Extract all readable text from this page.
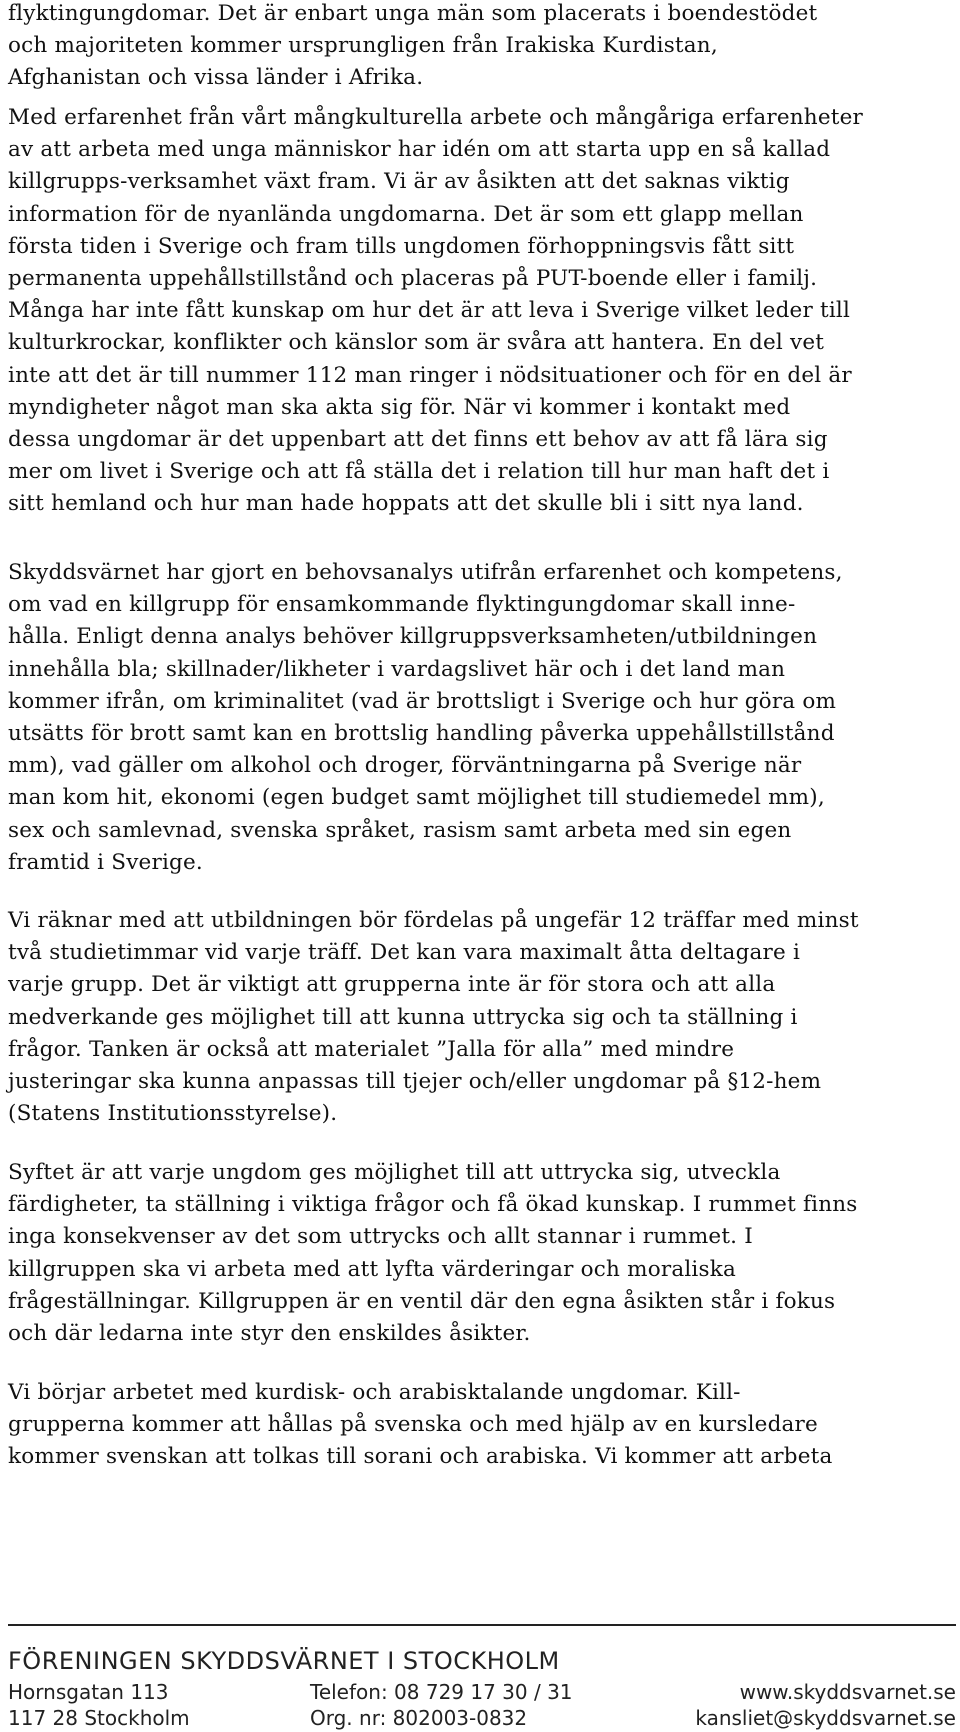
flyktingungdomar. Det är enbart unga män som placerats i boendestödet
och majoriteten kommer ursprungligen från Irakiska Kurdistan,
Afghanistan och vissa länder i Afrika.

Med erfarenhet från vårt mångkulturella arbete och mångåriga erfarenheter
av att arbeta med unga människor har idén om att starta upp en så kallad
killgrupps-verksamhet växt fram. Vi är av åsikten att det saknas viktig
information för de nyanlända ungdomarna. Det är som ett glapp mellan
första tiden i Sverige och fram tills ungdomen förhoppningsvis fått sitt
permanenta uppehållstillstånd och placeras på PUT-boende eller i familj.
Många har inte fått kunskap om hur det är att leva i Sverige vilket leder till
kulturkrockar, konflikter och känslor som är svåra att hantera. En del vet
inte att det är till nummer 112 man ringer i nödsituationer och för en del är
myndigheter något man ska akta sig för. När vi kommer i kontakt med
dessa ungdomar är det uppenbart att det finns ett behov av att få lära sig
mer om livet i Sverige och att få ställa det i relation till hur man haft det i
sitt hemland och hur man hade hoppats att det skulle bli i sitt nya land.

Skyddsvärnet har gjort en behovsanalys utifrån erfarenhet och kompetens,
om vad en killgrupp för ensamkommande flyktingungdomar skall inne-
hålla. Enligt denna analys behöver killgruppsverksamheten/utbildningen
innehålla bla; skillnader/likheter i vardagslivet här och i det land man
kommer ifrån, om kriminalitet (vad är brottsligt i Sverige och hur göra om
utsätts för brott samt kan en brottslig handling påverka uppehållstillstånd
mm), vad gäller om alkohol och droger, förväntningarna på Sverige när
man kom hit, ekonomi (egen budget samt möjlighet till studiemedel mm),
sex och samlevnad, svenska språket, rasism samt arbeta med sin egen
framtid i Sverige.

Vi räknar med att utbildningen bör fördelas på ungefär 12 träffar med minst
två studietimmar vid varje träff. Det kan vara maximalt åtta deltagare i
varje grupp. Det är viktigt att grupperna inte är för stora och att alla
medverkande ges möjlighet till att kunna uttrycka sig och ta ställning i
frågor. Tanken är också att materialet ”Jalla för alla” med mindre
justeringar ska kunna anpassas till tjejer och/eller ungdomar på §12-hem
(Statens Institutionsstyrelse).

Syftet är att varje ungdom ges möjlighet till att uttrycka sig, utveckla
färdigheter, ta ställning i viktiga frågor och få ökad kunskap. I rummet finns
inga konsekvenser av det som uttrycks och allt stannar i rummet. I
killgruppen ska vi arbeta med att lyfta värderingar och moraliska
frågeställningar. Killgruppen är en ventil där den egna åsikten står i fokus
och där ledarna inte styr den enskildes åsikter.

Vi börjar arbetet med kurdisk- och arabisktalande ungdomar. Kill-
grupperna kommer att hållas på svenska och med hjälp av en kursledare
kommer svenskan att tolkas till sorani och arabiska. Vi kommer att arbeta

FÖRENINGEN SKYDDSVÄRNET I STOCKHOLM
Hornsgatan 113	Telefon: 08 729 17 30 / 31	www.skyddsvarnet.se
117 28 Stockholm	Org. nr: 802003-0832	kansliet@skyddsvarnet.se
